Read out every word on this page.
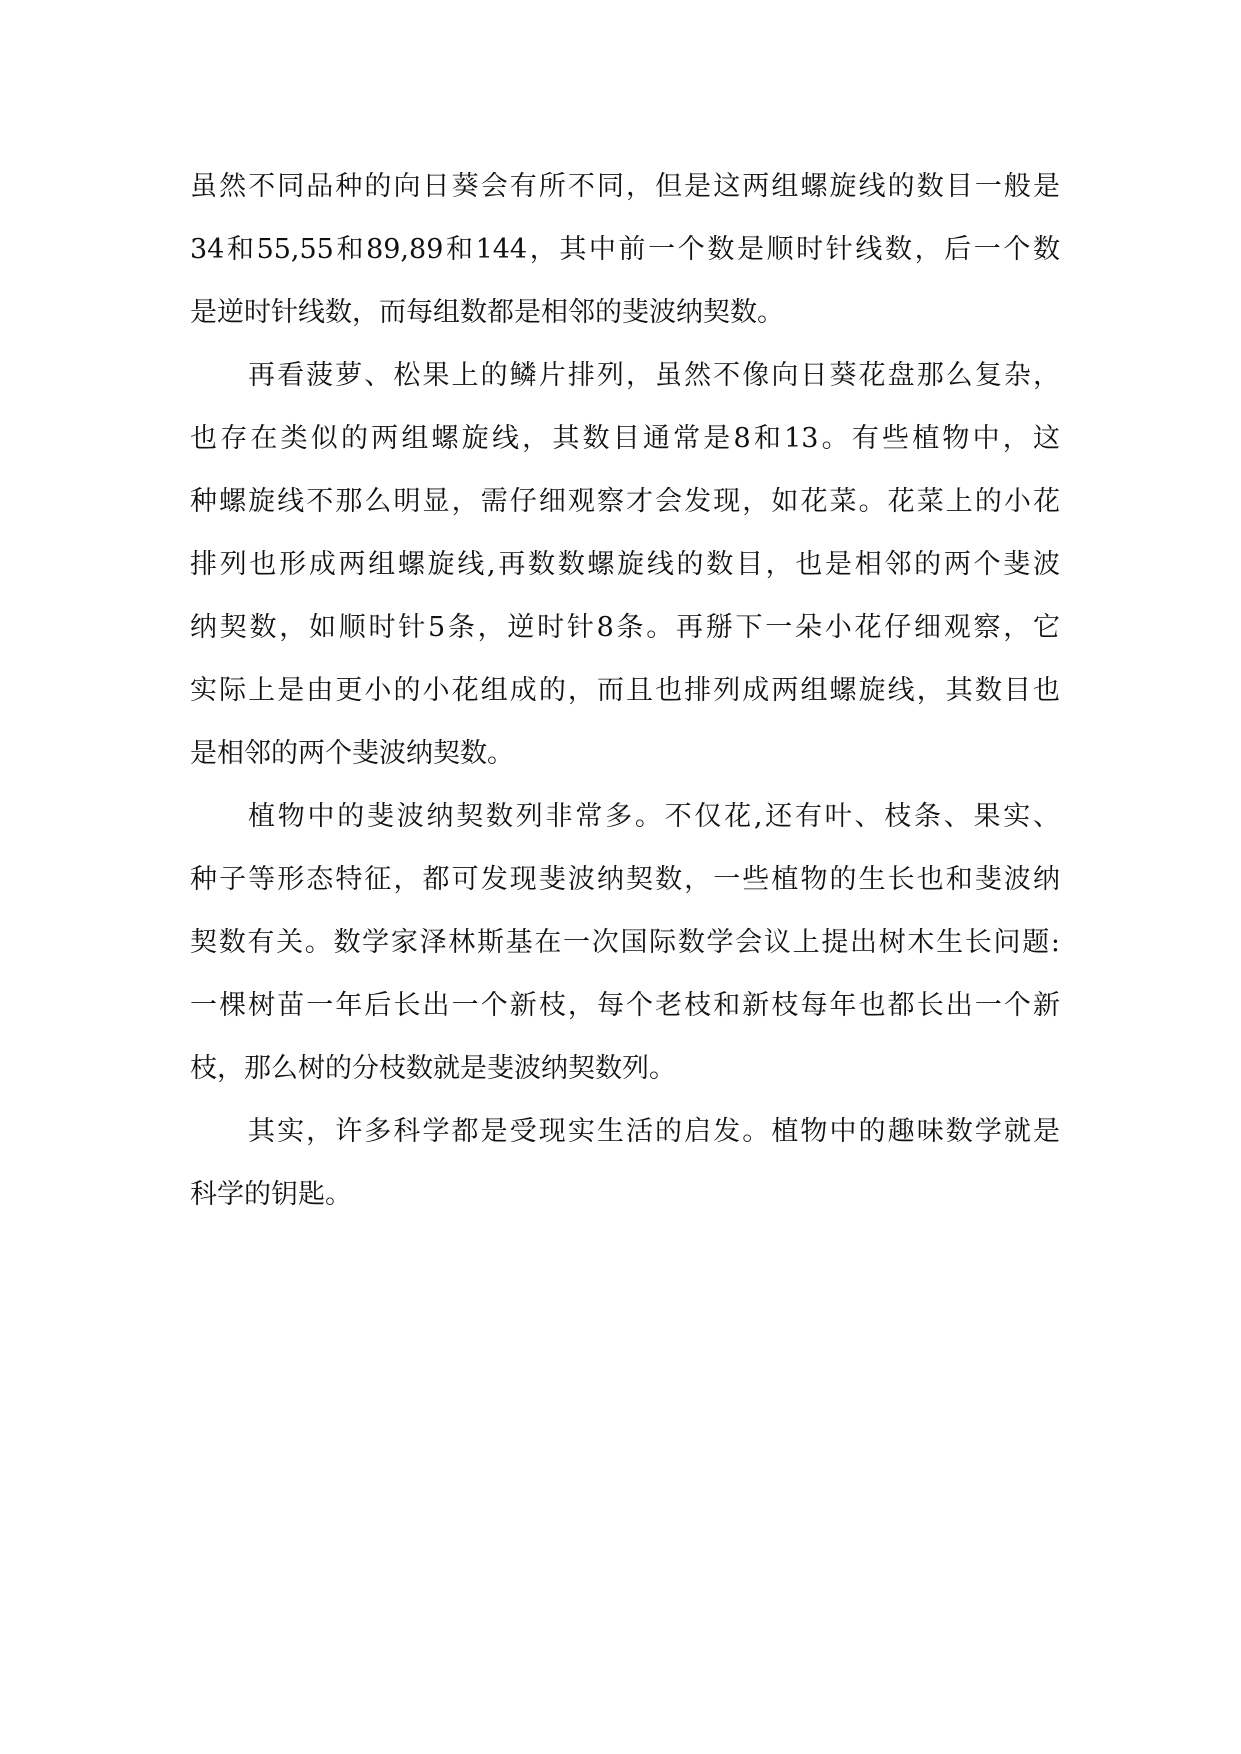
虽然不同品种的向日葵会有所不同，但是这两组螺旋线的数目一般是
34和55,55和89,89和144，其中前一个数是顺时针线数，后一个数
是逆时针线数，而每组数都是相邻的斐波纳契数。
再看菠萝、松果上的鳞片排列，虽然不像向日葵花盘那么复杂，
也存在类似的两组螺旋线，其数目通常是8和13。有些植物中，这
种螺旋线不那么明显，需仔细观察才会发现，如花菜。花菜上的小花
排列也形成两组螺旋线,再数数螺旋线的数目，也是相邻的两个斐波
纳契数，如顺时针5条，逆时针8条。再掰下一朵小花仔细观察，它
实际上是由更小的小花组成的，而且也排列成两组螺旋线，其数目也
是相邻的两个斐波纳契数。
植物中的斐波纳契数列非常多。不仅花,还有叶、枝条、果实、
种子等形态特征，都可发现斐波纳契数，一些植物的生长也和斐波纳
契数有关。数学家泽林斯基在一次国际数学会议上提出树木生长问题:
一棵树苗一年后长出一个新枝，每个老枝和新枝每年也都长出一个新
枝，那么树的分枝数就是斐波纳契数列。
其实，许多科学都是受现实生活的启发。植物中的趣味数学就是
科学的钥匙。
